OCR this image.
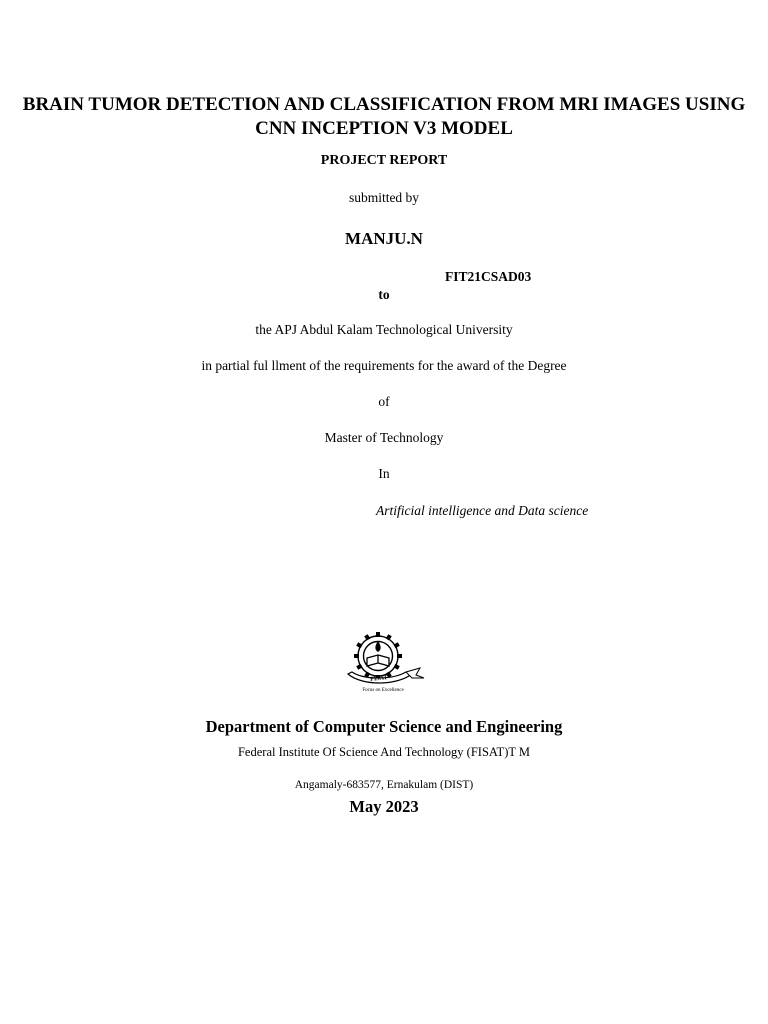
BRAIN TUMOR DETECTION AND CLASSIFICATION FROM MRI IMAGES USING CNN INCEPTION V3 MODEL
PROJECT REPORT
submitted by
MANJU.N
FIT21CSAD03
to
the APJ Abdul Kalam Technological University
in partial ful llment of the requirements for the award of the Degree
of
Master of Technology
In
Artificial intelligence and Data science
FISAT
Focus on Excellence
Department of Computer Science and Engineering
Federal Institute Of Science And Technology (FISAT)T M
Angamaly-683577, Ernakulam (DIST)
May 2023
